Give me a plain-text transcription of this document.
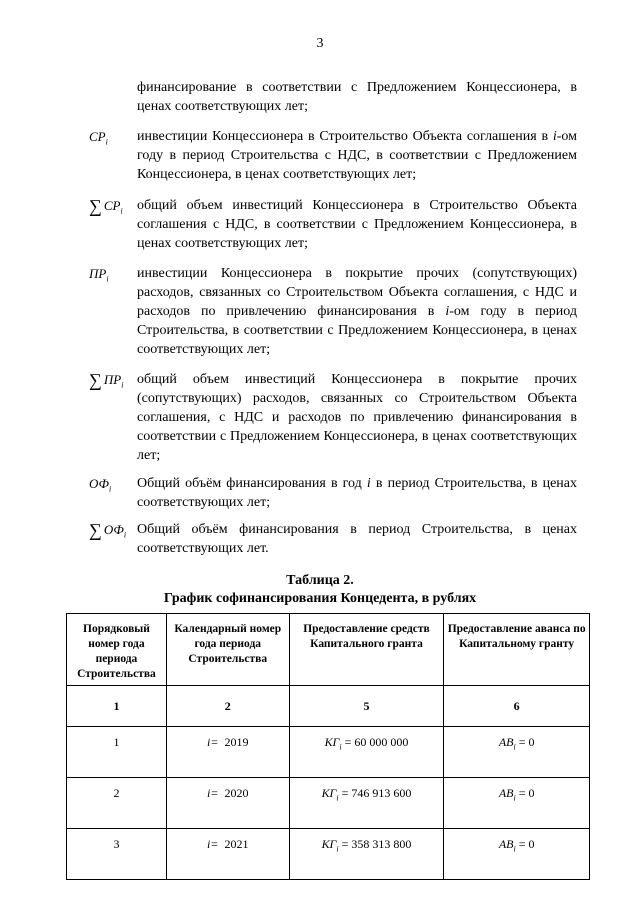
3
финансирование в соответствии с Предложением Концессионера, в ценах соответствующих лет;
$CP_i$	инвестиции Концессионера в Строительство Объекта соглашения в i-ом году в период Строительства с НДС, в соответствии с Предложением Концессионера, в ценах соответствующих лет;
∑ $CP_i$	общий объем инвестиций Концессионера в Строительство Объекта соглашения с НДС, в соответствии с Предложением Концессионера, в ценах соответствующих лет;
$ПР_i$	инвестиции Концессионера в покрытие прочих (сопутствующих) расходов, связанных со Строительством Объекта соглашения, с НДС и расходов по привлечению финансирования в i-ом году в период Строительства, в соответствии с Предложением Концессионера, в ценах соответствующих лет;
∑ $ПР_i$ общий объем инвестиций Концессионера в покрытие прочих (сопутствующих) расходов, связанных со Строительством Объекта соглашения, с НДС и расходов по привлечению финансирования в соответствии с Предложением Концессионера, в ценах соответствующих лет;
$ОФ_i$	Общий объём финансирования в год i в период Строительства, в ценах соответствующих лет;
∑ $ОФ_i$ Общий объём финансирования в период Строительства, в ценах соответствующих лет.
Таблица 2.
График софинансирования Концедента, в рублях
Порядковый номер года периода Строительства	Календарный номер года периода Строительства	Предоставление средств Капитального гранта	Предоставление аванса по Капитальному гранту
1	2	5	6
1	i= 2019	$КГ_i = 60$ 000 000	$АВ_i = 0$
2	i= 2020	$КГ_i = 746$ 913 600	$АВ_i = 0$
3	i= 2021	$КГ_i = 358$ 313 800	$АВ_i = 0$
